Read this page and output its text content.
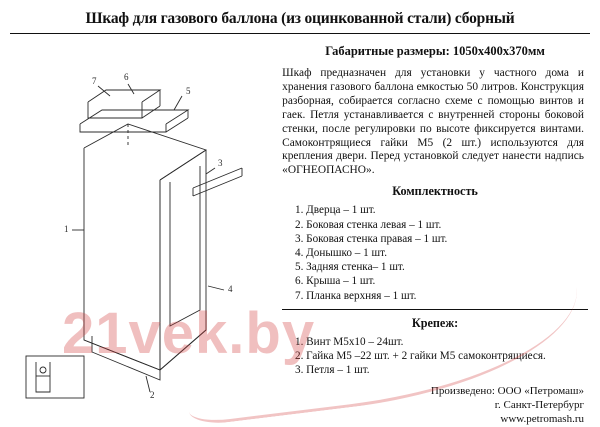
Шкаф для газового баллона (из оцинкованной стали) сборный
7	6
5
3
1
2
4
Габаритные размеры: 1050х400х370мм
Шкаф предназначен для установки у частного дома и хранения газового баллона емкостью 50 литров. Конструкция разборная, собирается согласно схеме с помощью винтов и гаек. Петля устанавливается с внутренней стороны боковой стенки, после регулировки по высоте фиксируется винтами. Самоконтрящиеся гайки М5 (2 шт.) используются для крепления двери. Перед установкой следует нанести надпись «ОГНЕОПАСНО».
Комплектность
1. Дверца – 1 шт.
2. Боковая стенка левая – 1 шт.
3. Боковая стенка правая – 1 шт.
4. Донышко – 1 шт.
5. Задняя стенка– 1 шт.
6. Крыша – 1 шт.
7. Планка верхняя – 1 шт.
Крепеж:
1. Винт М5х10 – 24шт.
2. Гайка М5 –22 шт. + 2 гайки М5 самоконтрящиеся.
3. Петля – 1 шт.
Произведено: ООО «Петромаш»
г. Санкт-Петербург
www.petromash.ru
21vek.by
